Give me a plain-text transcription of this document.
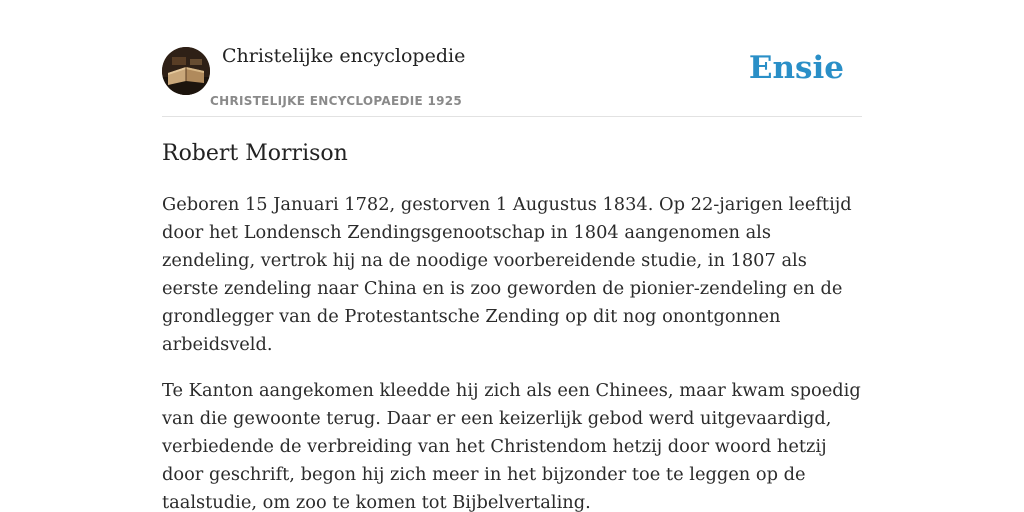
Christelijke encyclopedie
CHRISTELIJKE ENCYCLOPAEDIE 1925
Ensie
Robert Morrison

Geboren 15 Januari 1782, gestorven 1 Augustus 1834. Op 22-jarigen leeftijd door het Londensch Zendingsgenootschap in 1804 aangenomen als zendeling, vertrok hij na de noodige voorbereidende studie, in 1807 als eerste zendeling naar China en is zoo geworden de pionier-zendeling en de grondlegger van de Protestantsche Zending op dit nog onontgonnen arbeidsveld.

Te Kanton aangekomen kleedde hij zich als een Chinees, maar kwam spoedig van die gewoonte terug. Daar er een keizerlijk gebod werd uitgevaardigd, verbiedende de verbreiding van het Christendom hetzij door woord hetzij door geschrift, begon hij zich meer in het bijzonder toe te leggen op de taalstudie, om zoo te komen tot Bijbelvertaling.
